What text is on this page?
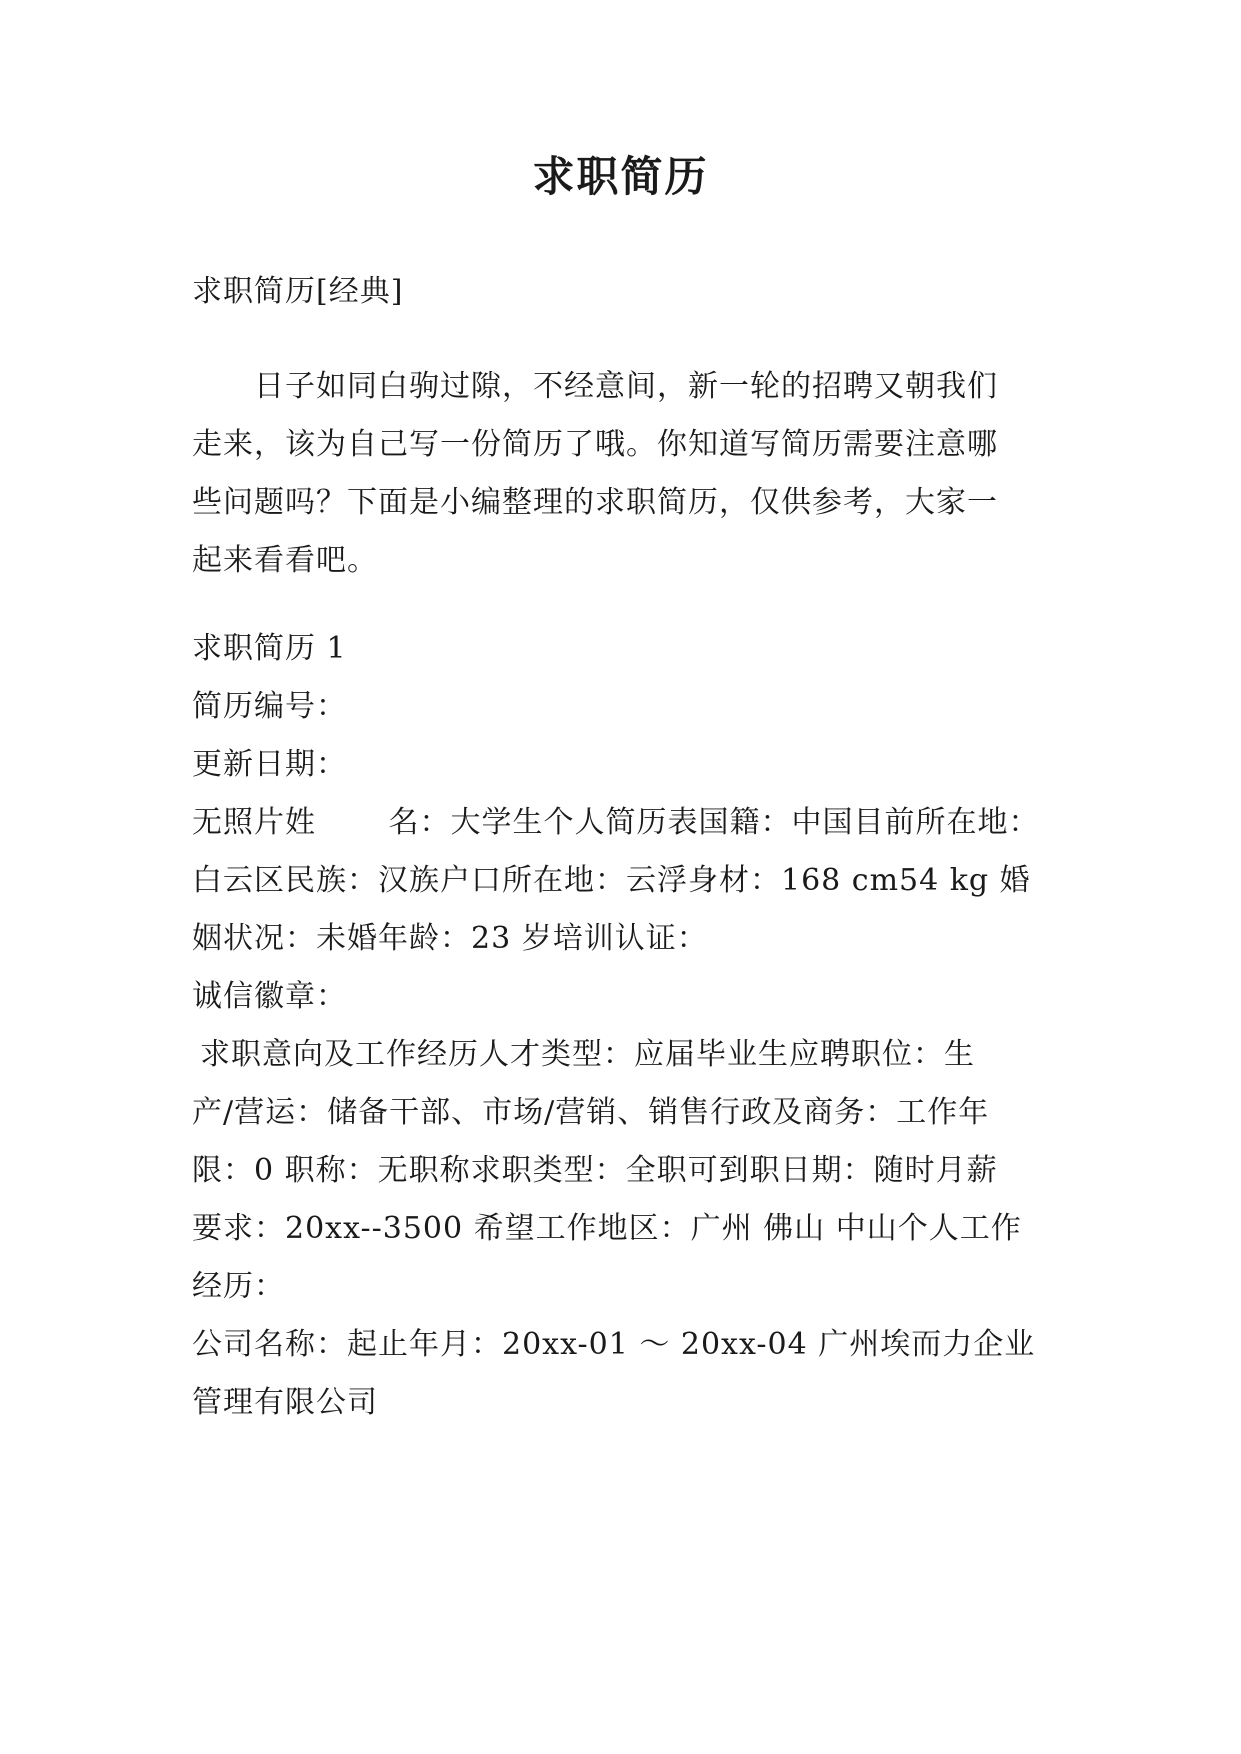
求职简历
求职简历[经典]
日子如同白驹过隙，不经意间，新一轮的招聘又朝我们
走来，该为自己写一份简历了哦。你知道写简历需要注意哪
些问题吗？下面是小编整理的求职简历，仅供参考，大家一
起来看看吧。
求职简历 1
简历编号：
更新日期：
无照片姓　　 名：大学生个人简历表国籍：中国目前所在地：
白云区民族：汉族户口所在地：云浮身材：168 cm54 kg 婚
姻状况：未婚年龄：23 岁培训认证：
诚信徽章：
求职意向及工作经历人才类型：应届毕业生应聘职位：生
产/营运：储备干部、市场/营销、销售行政及商务：工作年
限：0 职称：无职称求职类型：全职可到职日期：随时月薪
要求：20xx--3500 希望工作地区：广州 佛山 中山个人工作
经历：
公司名称：起止年月：20xx-01 ～ 20xx-04 广州埃而力企业
管理有限公司
